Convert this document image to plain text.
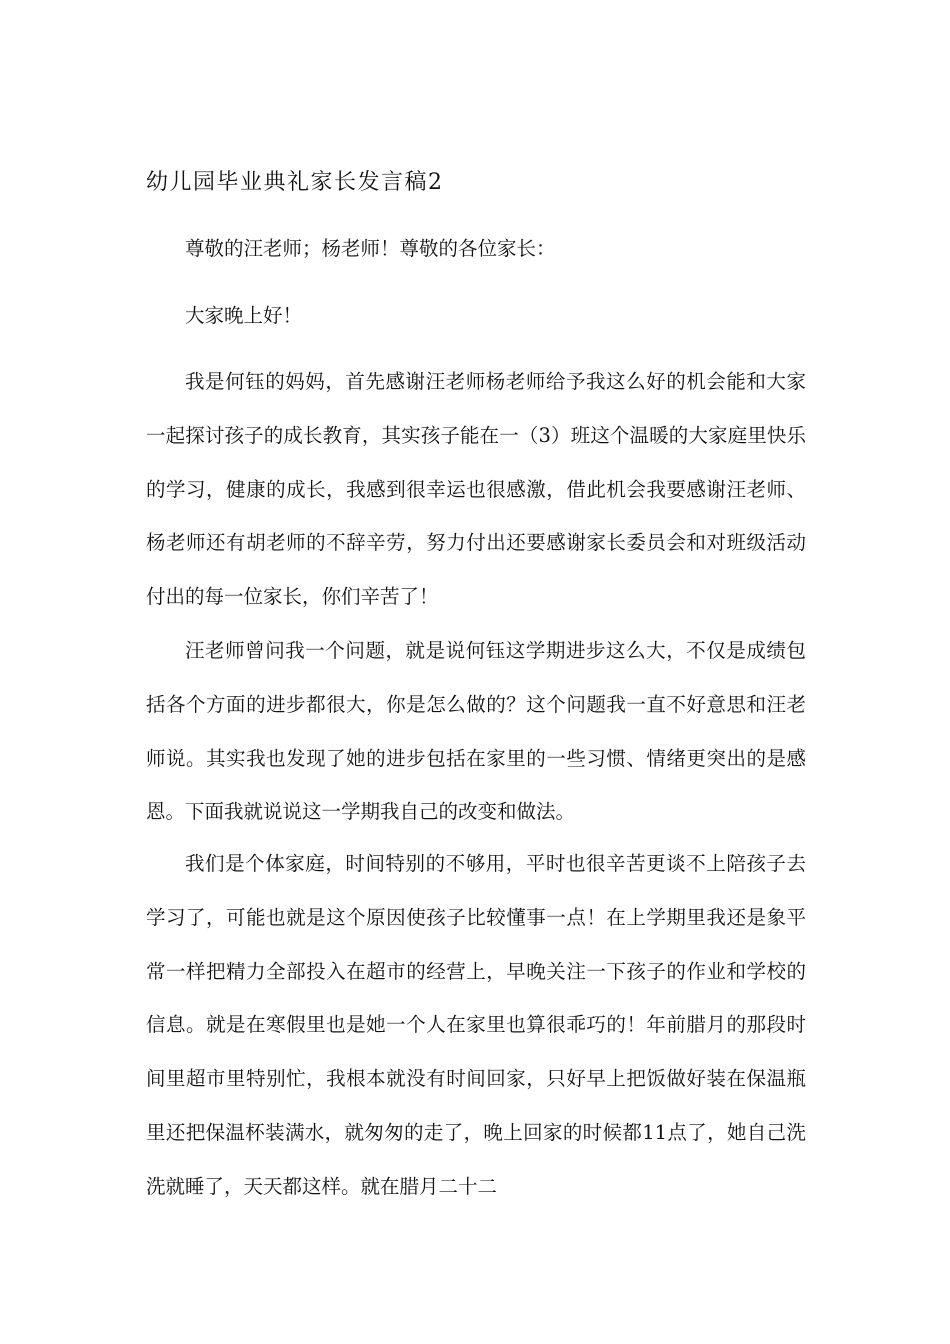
幼儿园毕业典礼家长发言稿2

尊敬的汪老师；杨老师！尊敬的各位家长：

大家晚上好！

我是何钰的妈妈，首先感谢汪老师杨老师给予我这么好的机会能和大家一起探讨孩子的成长教育，其实孩子能在一（3）班这个温暖的大家庭里快乐的学习，健康的成长，我感到很幸运也很感激，借此机会我要感谢汪老师、杨老师还有胡老师的不辞辛劳，努力付出还要感谢家长委员会和对班级活动付出的每一位家长，你们辛苦了！

汪老师曾问我一个问题，就是说何钰这学期进步这么大，不仅是成绩包括各个方面的进步都很大，你是怎么做的？这个问题我一直不好意思和汪老师说。其实我也发现了她的进步包括在家里的一些习惯、情绪更突出的是感恩。下面我就说说这一学期我自己的改变和做法。

我们是个体家庭，时间特别的不够用，平时也很辛苦更谈不上陪孩子去学习了，可能也就是这个原因使孩子比较懂事一点！在上学期里我还是象平常一样把精力全部投入在超市的经营上，早晚关注一下孩子的作业和学校的信息。就是在寒假里也是她一个人在家里也算很乖巧的！年前腊月的那段时间里超市里特别忙，我根本就没有时间回家，只好早上把饭做好装在保温瓶里还把保温杯装满水，就匆匆的走了，晚上回家的时候都11点了，她自己洗洗就睡了，天天都这样。就在腊月二十二
